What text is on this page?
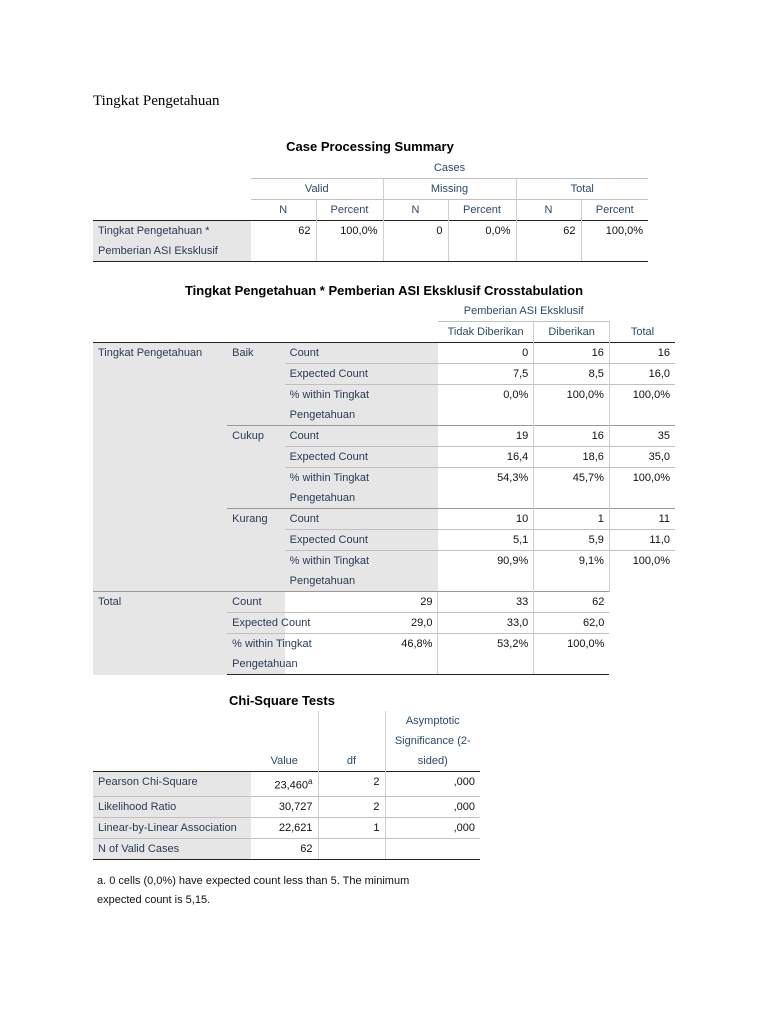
Tingkat Pengetahuan
Case Processing Summary
	Cases					
	Valid		Missing		Total	
	N	Percent	N	Percent	N	Percent

Tingkat Pengetahuan *
Pemberian ASI Eksklusif	62	100,0%	0	0,0%	62	100,0%
Tingkat Pengetahuan * Pemberian ASI Eksklusif Crosstabulation
			Pemberian ASI Eksklusif		
			Tidak Diberikan	Diberikan	Total
Tingkat Pengetahuan	Baik	Count	0	16	16
		Expected Count	7,5	8,5	16,0
		% within Tingkat	0,0%	100,0%	100,0%
		Pengetahuan			
	Cukup	Count	19	16	35
		Expected Count	16,4	18,6	35,0
		% within Tingkat	54,3%	45,7%	100,0%
		Pengetahuan			
	Kurang	Count	10	1	11
		Expected Count	5,1	5,9	11,0
		% within Tingkat	90,9%	9,1%	100,0%
		Pengetahuan			
Total	Count	29	33	62	
	Expected Count	29,0	33,0	62,0	
	% within Tingkat	46,8%	53,2%	100,0%	
	Pengetahuan				
Chi-Square Tests
			Asymptotic
			Significance (2-
	Value	df	sided)
Pearson Chi-Square	23,460$^a$	2	,000
Likelihood Ratio	30,727	2	,000
Linear-by-Linear Association	22,621	1	,000
N of Valid Cases	62		
a. 0 cells (0,0%) have expected count less than 5. The minimum
expected count is 5,15.
